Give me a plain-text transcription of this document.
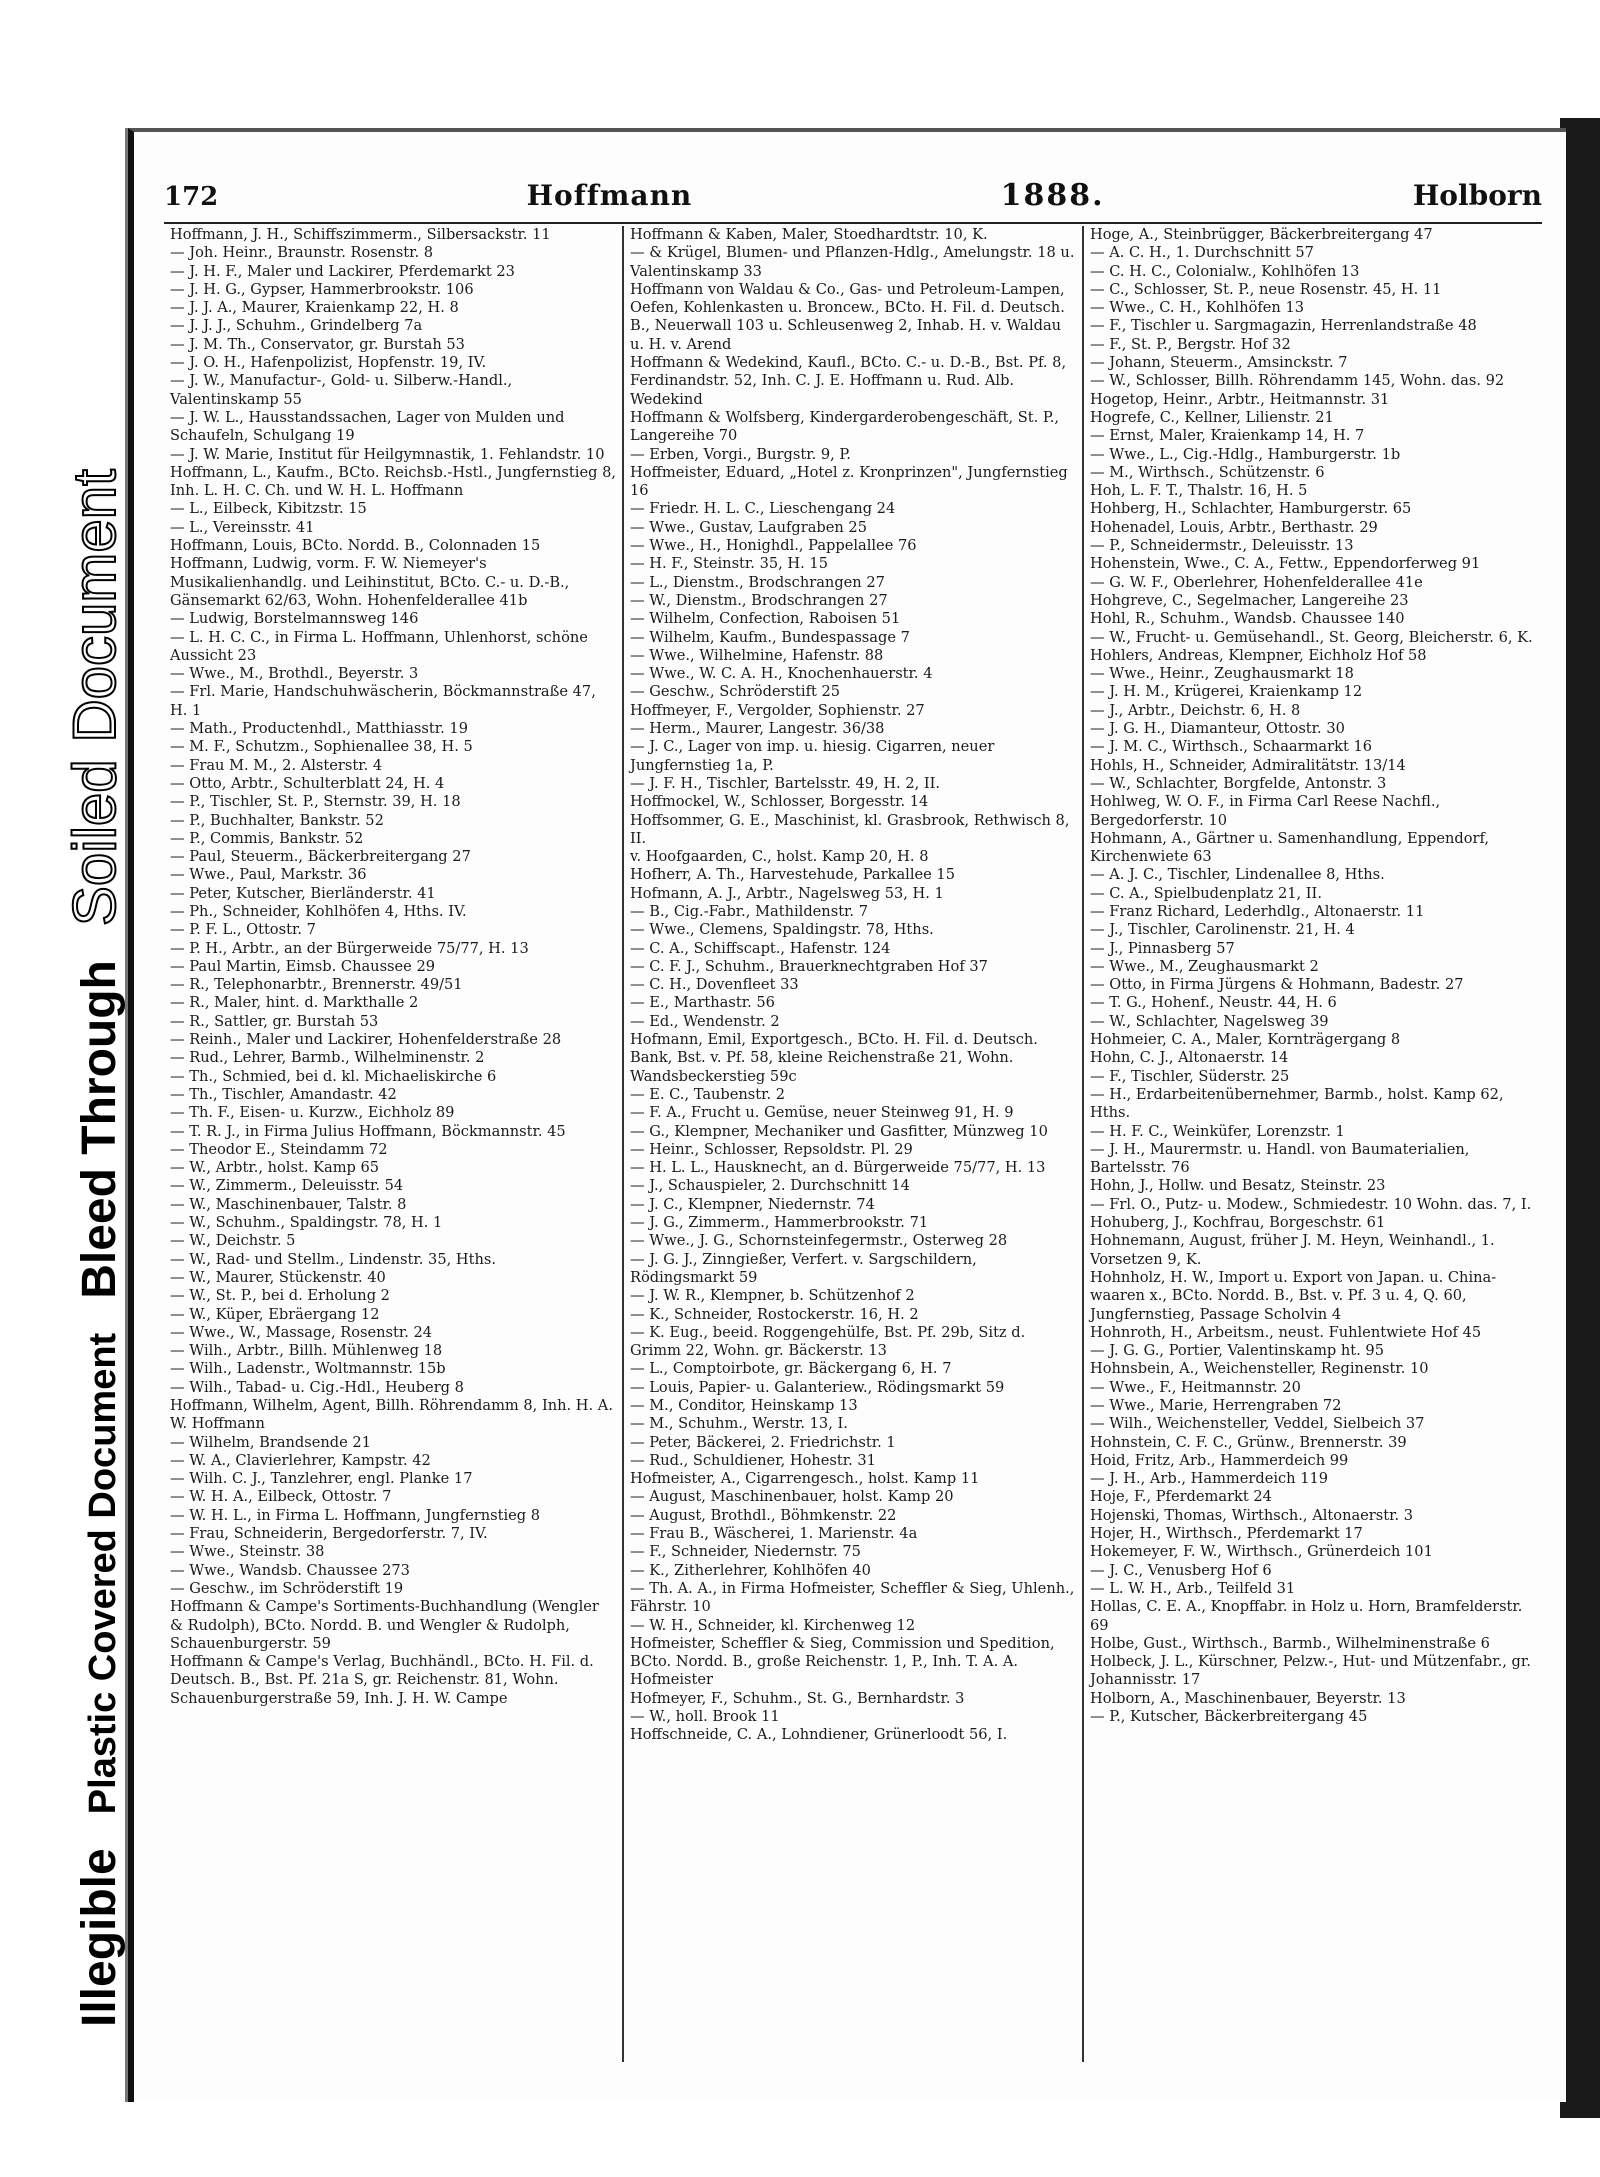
Illegible
Plastic Covered Document
Bleed Through
Soiled Document
172	Hoffmann	1888.	Holborn
Hoffmann, J. H., Schiffszimmerm., Silbersackstr. 11
— Joh. Heinr., Braunstr. Rosenstr. 8
— J. H. F., Maler und Lackirer, Pferdemarkt 23
— J. H. G., Gypser, Hammerbrookstr. 106
— J. J. A., Maurer, Kraienkamp 22, H. 8
— J. J. J., Schuhm., Grindelberg 7a
— J. M. Th., Conservator, gr. Burstah 53
— J. O. H., Hafenpolizist, Hopfenstr. 19, IV.
— J. W., Manufactur-, Gold- u. Silberw.-Handl., Valentinskamp 55
— J. W. L., Hausstandssachen, Lager von Mulden und Schaufeln, Schulgang 19
— J. W. Marie, Institut für Heilgymnastik, 1. Fehlandstr. 10
Hoffmann, L., Kaufm., BCto. Reichsb.-Hstl., Jungfernstieg 8, Inh. L. H. C. Ch. und W. H. L. Hoffmann
— L., Eilbeck, Kibitzstr. 15
— L., Vereinsstr. 41
Hoffmann, Louis, BCto. Nordd. B., Colonnaden 15
Hoffmann, Ludwig, vorm. F. W. Niemeyer's Musikalienhandlg. und Leihinstitut, BCto. C.- u. D.-B., Gänsemarkt 62/63, Wohn. Hohenfelderallee 41b
— Ludwig, Borstelmannsweg 146
— L. H. C. C., in Firma L. Hoffmann, Uhlenhorst, schöne Aussicht 23
— Wwe., M., Brothdl., Beyerstr. 3
— Frl. Marie, Handschuhwäscherin, Böckmannstraße 47, H. 1
— Math., Productenhdl., Matthiasstr. 19
— M. F., Schutzm., Sophienallee 38, H. 5
— Frau M. M., 2. Alsterstr. 4
— Otto, Arbtr., Schulterblatt 24, H. 4
— P., Tischler, St. P., Sternstr. 39, H. 18
— P., Buchhalter, Bankstr. 52
— P., Commis, Bankstr. 52
— Paul, Steuerm., Bäckerbreitergang 27
— Wwe., Paul, Markstr. 36
— Peter, Kutscher, Bierländerstr. 41
— Ph., Schneider, Kohlhöfen 4, Hths. IV.
— P. F. L., Ottostr. 7
— P. H., Arbtr., an der Bürgerweide 75/77, H. 13
— Paul Martin, Eimsb. Chaussee 29
— R., Telephonarbtr., Brennerstr. 49/51
— R., Maler, hint. d. Markthalle 2
— R., Sattler, gr. Burstah 53
— Reinh., Maler und Lackirer, Hohenfelderstraße 28
— Rud., Lehrer, Barmb., Wilhelminenstr. 2
— Th., Schmied, bei d. kl. Michaeliskirche 6
— Th., Tischler, Amandastr. 42
— Th. F., Eisen- u. Kurzw., Eichholz 89
— T. R. J., in Firma Julius Hoffmann, Böckmannstr. 45
— Theodor E., Steindamm 72
— W., Arbtr., holst. Kamp 65
— W., Zimmerm., Deleuisstr. 54
— W., Maschinenbauer, Talstr. 8
— W., Schuhm., Spaldingstr. 78, H. 1
— W., Deichstr. 5
— W., Rad- und Stellm., Lindenstr. 35, Hths.
— W., Maurer, Stückenstr. 40
— W., St. P., bei d. Erholung 2
— W., Küper, Ebräergang 12
— Wwe., W., Massage, Rosenstr. 24
— Wilh., Arbtr., Billh. Mühlenweg 18
— Wilh., Ladenstr., Woltmannstr. 15b
— Wilh., Tabad- u. Cig.-Hdl., Heuberg 8
Hoffmann, Wilhelm, Agent, Billh. Röhrendamm 8, Inh. H. A. W. Hoffmann
— Wilhelm, Brandsende 21
— W. A., Clavierlehrer, Kampstr. 42
— Wilh. C. J., Tanzlehrer, engl. Planke 17
— W. H. A., Eilbeck, Ottostr. 7
— W. H. L., in Firma L. Hoffmann, Jungfernstieg 8
— Frau, Schneiderin, Bergedorferstr. 7, IV.
— Wwe., Steinstr. 38
— Wwe., Wandsb. Chaussee 273
— Geschw., im Schröderstift 19
Hoffmann & Campe's Sortiments-Buchhandlung (Wengler & Rudolph), BCto. Nordd. B. und Wengler & Rudolph, Schauenburgerstr. 59
Hoffmann & Campe's Verlag, Buchhändl., BCto. H. Fil. d. Deutsch. B., Bst. Pf. 21a S, gr. Reichenstr. 81, Wohn. Schauenburgerstraße 59, Inh. J. H. W. Campe
Hoffmann & Kaben, Maler, Stoedhardtstr. 10, K.
— & Krügel, Blumen- und Pflanzen-Hdlg., Amelungstr. 18 u. Valentinskamp 33
Hoffmann von Waldau & Co., Gas- und Petroleum-Lampen, Oefen, Kohlenkasten u. Broncew., BCto. H. Fil. d. Deutsch. B., Neuerwall 103 u. Schleusenweg 2, Inhab. H. v. Waldau u. H. v. Arend
Hoffmann & Wedekind, Kaufl., BCto. C.- u. D.-B., Bst. Pf. 8, Ferdinandstr. 52, Inh. C. J. E. Hoffmann u. Rud. Alb. Wedekind
Hoffmann & Wolfsberg, Kindergarderobengeschäft, St. P., Langereihe 70
— Erben, Vorgi., Burgstr. 9, P.
Hoffmeister, Eduard, „Hotel z. Kronprinzen", Jungfernstieg 16
— Friedr. H. L. C., Lieschengang 24
— Wwe., Gustav, Laufgraben 25
— Wwe., H., Honighdl., Pappelallee 76
— H. F., Steinstr. 35, H. 15
— L., Dienstm., Brodschrangen 27
— W., Dienstm., Brodschrangen 27
— Wilhelm, Confection, Raboisen 51
— Wilhelm, Kaufm., Bundespassage 7
— Wwe., Wilhelmine, Hafenstr. 88
— Wwe., W. C. A. H., Knochenhauerstr. 4
— Geschw., Schröderstift 25
Hoffmeyer, F., Vergolder, Sophienstr. 27
— Herm., Maurer, Langestr. 36/38
— J. C., Lager von imp. u. hiesig. Cigarren, neuer Jungfernstieg 1a, P.
— J. F. H., Tischler, Bartelsstr. 49, H. 2, II.
Hoffmockel, W., Schlosser, Borgesstr. 14
Hoffsommer, G. E., Maschinist, kl. Grasbrook, Rethwisch 8, II.
v. Hoofgaarden, C., holst. Kamp 20, H. 8
Hofherr, A. Th., Harvestehude, Parkallee 15
Hofmann, A. J., Arbtr., Nagelsweg 53, H. 1
— B., Cig.-Fabr., Mathildenstr. 7
— Wwe., Clemens, Spaldingstr. 78, Hths.
— C. A., Schiffscapt., Hafenstr. 124
— C. F. J., Schuhm., Brauerknechtgraben Hof 37
— C. H., Dovenfleet 33
— E., Marthastr. 56
— Ed., Wendenstr. 2
Hofmann, Emil, Exportgesch., BCto. H. Fil. d. Deutsch. Bank, Bst. v. Pf. 58, kleine Reichenstraße 21, Wohn. Wandsbeckerstieg 59c
— E. C., Taubenstr. 2
— F. A., Frucht u. Gemüse, neuer Steinweg 91, H. 9
— G., Klempner, Mechaniker und Gasfitter, Münzweg 10
— Heinr., Schlosser, Repsoldstr. Pl. 29
— H. L. L., Hausknecht, an d. Bürgerweide 75/77, H. 13
— J., Schauspieler, 2. Durchschnitt 14
— J. C., Klempner, Niedernstr. 74
— J. G., Zimmerm., Hammerbrookstr. 71
— Wwe., J. G., Schornsteinfegermstr., Osterweg 28
— J. G. J., Zinngießer, Verfert. v. Sargschildern, Rödingsmarkt 59
— J. W. R., Klempner, b. Schützenhof 2
— K., Schneider, Rostockerstr. 16, H. 2
— K. Eug., beeid. Roggengehülfe, Bst. Pf. 29b, Sitz d. Grimm 22, Wohn. gr. Bäckerstr. 13
— L., Comptoirbote, gr. Bäckergang 6, H. 7
— Louis, Papier- u. Galanteriew., Rödingsmarkt 59
— M., Conditor, Heinskamp 13
— M., Schuhm., Werstr. 13, I.
— Peter, Bäckerei, 2. Friedrichstr. 1
— Rud., Schuldiener, Hohestr. 31
Hofmeister, A., Cigarrengesch., holst. Kamp 11
— August, Maschinenbauer, holst. Kamp 20
— August, Brothdl., Böhmkenstr. 22
— Frau B., Wäscherei, 1. Marienstr. 4a
— F., Schneider, Niedernstr. 75
— K., Zitherlehrer, Kohlhöfen 40
— Th. A. A., in Firma Hofmeister, Scheffler & Sieg, Uhlenh., Fährstr. 10
— W. H., Schneider, kl. Kirchenweg 12
Hofmeister, Scheffler & Sieg, Commission und Spedition, BCto. Nordd. B., große Reichenstr. 1, P., Inh. T. A. A. Hofmeister
Hofmeyer, F., Schuhm., St. G., Bernhardstr. 3
— W., holl. Brook 11
Hoffschneide, C. A., Lohndiener, Grünerloodt 56, I.
Hoge, A., Steinbrügger, Bäckerbreitergang 47
— A. C. H., 1. Durchschnitt 57
— C. H. C., Colonialw., Kohlhöfen 13
— C., Schlosser, St. P., neue Rosenstr. 45, H. 11
— Wwe., C. H., Kohlhöfen 13
— F., Tischler u. Sargmagazin, Herrenlandstraße 48
— F., St. P., Bergstr. Hof 32
— Johann, Steuerm., Amsinckstr. 7
— W., Schlosser, Billh. Röhrendamm 145, Wohn. das. 92
Hogetop, Heinr., Arbtr., Heitmannstr. 31
Hogrefe, C., Kellner, Lilienstr. 21
— Ernst, Maler, Kraienkamp 14, H. 7
— Wwe., L., Cig.-Hdlg., Hamburgerstr. 1b
— M., Wirthsch., Schützenstr. 6
Hoh, L. F. T., Thalstr. 16, H. 5
Hohberg, H., Schlachter, Hamburgerstr. 65
Hohenadel, Louis, Arbtr., Berthastr. 29
— P., Schneidermstr., Deleuisstr. 13
Hohenstein, Wwe., C. A., Fettw., Eppendorferweg 91
— G. W. F., Oberlehrer, Hohenfelderallee 41e
Hohgreve, C., Segelmacher, Langereihe 23
Hohl, R., Schuhm., Wandsb. Chaussee 140
— W., Frucht- u. Gemüsehandl., St. Georg, Bleicherstr. 6, K.
Hohlers, Andreas, Klempner, Eichholz Hof 58
— Wwe., Heinr., Zeughausmarkt 18
— J. H. M., Krügerei, Kraienkamp 12
— J., Arbtr., Deichstr. 6, H. 8
— J. G. H., Diamanteur, Ottostr. 30
— J. M. C., Wirthsch., Schaarmarkt 16
Hohls, H., Schneider, Admiralitätstr. 13/14
— W., Schlachter, Borgfelde, Antonstr. 3
Hohlweg, W. O. F., in Firma Carl Reese Nachfl., Bergedorferstr. 10
Hohmann, A., Gärtner u. Samenhandlung, Eppendorf, Kirchenwiete 63
— A. J. C., Tischler, Lindenallee 8, Hths.
— C. A., Spielbudenplatz 21, II.
— Franz Richard, Lederhdlg., Altonaerstr. 11
— J., Tischler, Carolinenstr. 21, H. 4
— J., Pinnasberg 57
— Wwe., M., Zeughausmarkt 2
— Otto, in Firma Jürgens & Hohmann, Badestr. 27
— T. G., Hohenf., Neustr. 44, H. 6
— W., Schlachter, Nagelsweg 39
Hohmeier, C. A., Maler, Kornträgergang 8
Hohn, C. J., Altonaerstr. 14
— F., Tischler, Süderstr. 25
— H., Erdarbeitenübernehmer, Barmb., holst. Kamp 62, Hths.
— H. F. C., Weinküfer, Lorenzstr. 1
— J. H., Maurermstr. u. Handl. von Baumaterialien, Bartelsstr. 76
Hohn, J., Hollw. und Besatz, Steinstr. 23
— Frl. O., Putz- u. Modew., Schmiedestr. 10 Wohn. das. 7, I.
Hohuberg, J., Kochfrau, Borgeschstr. 61
Hohnemann, August, früher J. M. Heyn, Weinhandl., 1. Vorsetzen 9, K.
Hohnholz, H. W., Import u. Export von Japan. u. China-waaren x., BCto. Nordd. B., Bst. v. Pf. 3 u. 4, Q. 60, Jungfernstieg, Passage Scholvin 4
Hohnroth, H., Arbeitsm., neust. Fuhlentwiete Hof 45
— J. G. G., Portier, Valentinskamp ht. 95
Hohnsbein, A., Weichensteller, Reginenstr. 10
— Wwe., F., Heitmannstr. 20
— Wwe., Marie, Herrengraben 72
— Wilh., Weichensteller, Veddel, Sielbeich 37
Hohnstein, C. F. C., Grünw., Brennerstr. 39
Hoid, Fritz, Arb., Hammerdeich 99
— J. H., Arb., Hammerdeich 119
Hoje, F., Pferdemarkt 24
Hojenski, Thomas, Wirthsch., Altonaerstr. 3
Hojer, H., Wirthsch., Pferdemarkt 17
Hokemeyer, F. W., Wirthsch., Grünerdeich 101
— J. C., Venusberg Hof 6
— L. W. H., Arb., Teilfeld 31
Hollas, C. E. A., Knopffabr. in Holz u. Horn, Bramfelderstr. 69
Holbe, Gust., Wirthsch., Barmb., Wilhelminenstraße 6
Holbeck, J. L., Kürschner, Pelzw.-, Hut- und Mützenfabr., gr. Johannisstr. 17
Holborn, A., Maschinenbauer, Beyerstr. 13
— P., Kutscher, Bäckerbreitergang 45
